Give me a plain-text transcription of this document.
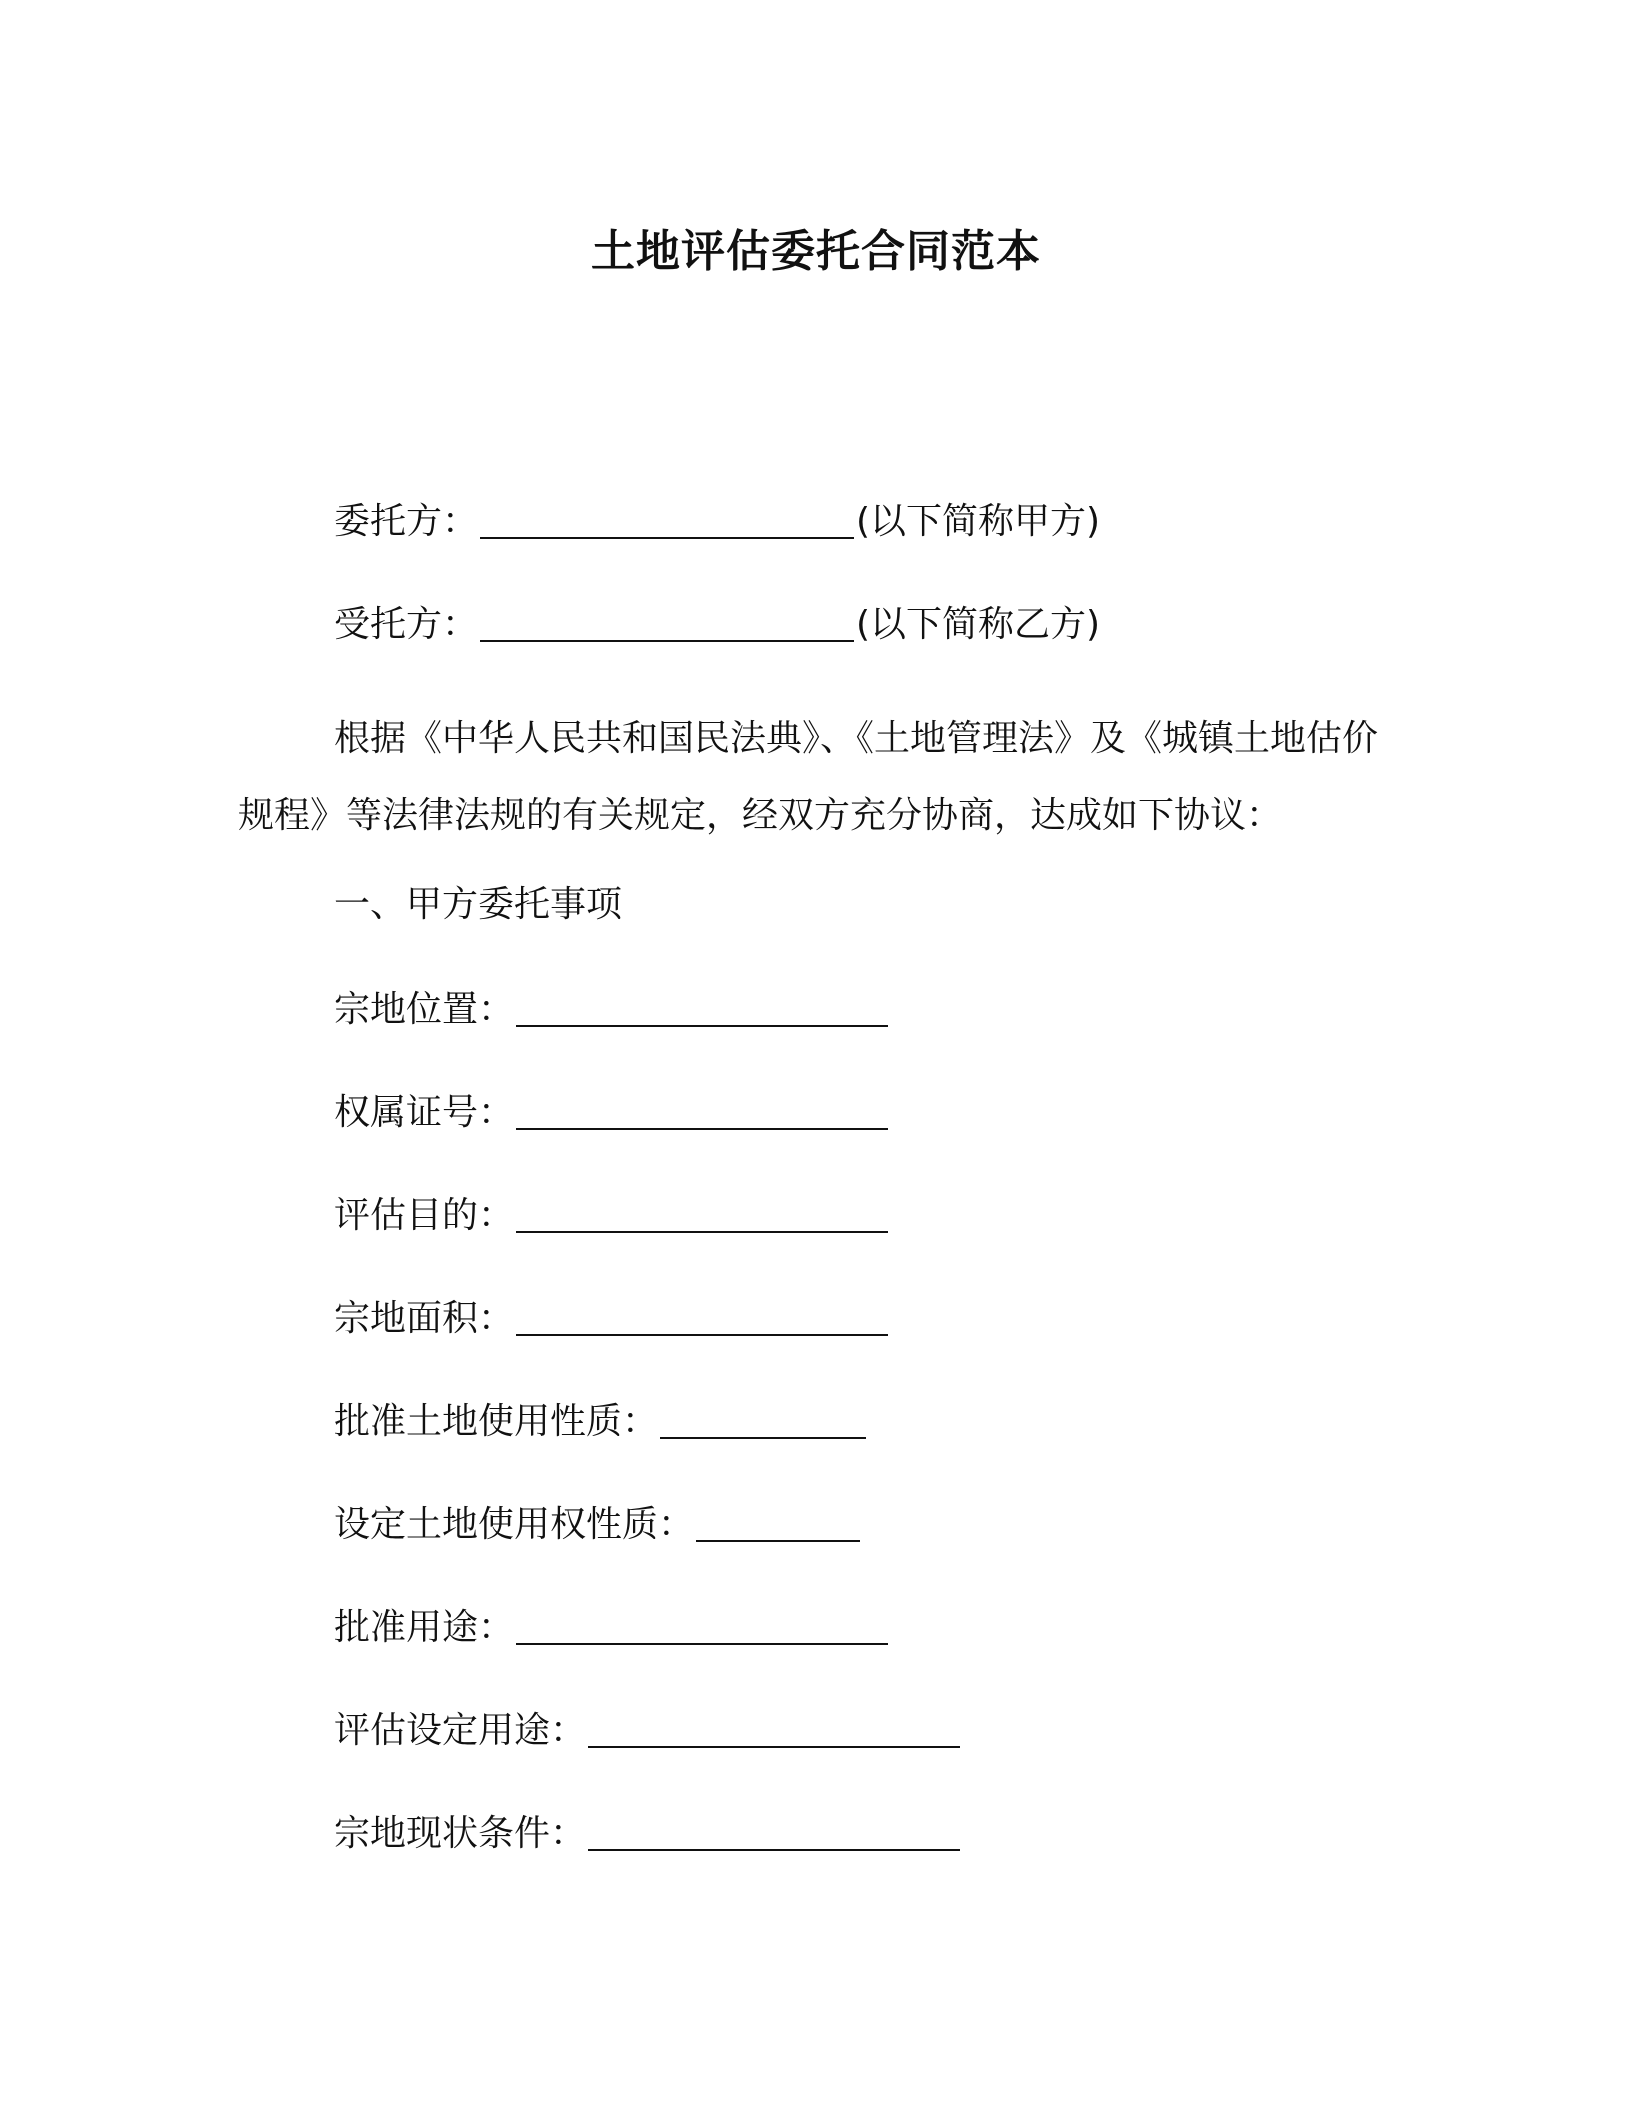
土地评估委托合同范本
委托方：	(以下简称甲方)
受托方：	(以下简称乙方)
根据《中华人民共和国民法典》、《土地管理法》及《城镇土地估价规程》等法律法规的有关规定，经双方充分协商，达成如下协议：
一、甲方委托事项
宗地位置：
权属证号：
评估目的：
宗地面积：
批准土地使用性质：
设定土地使用权性质：
批准用途：
评估设定用途：
宗地现状条件：
